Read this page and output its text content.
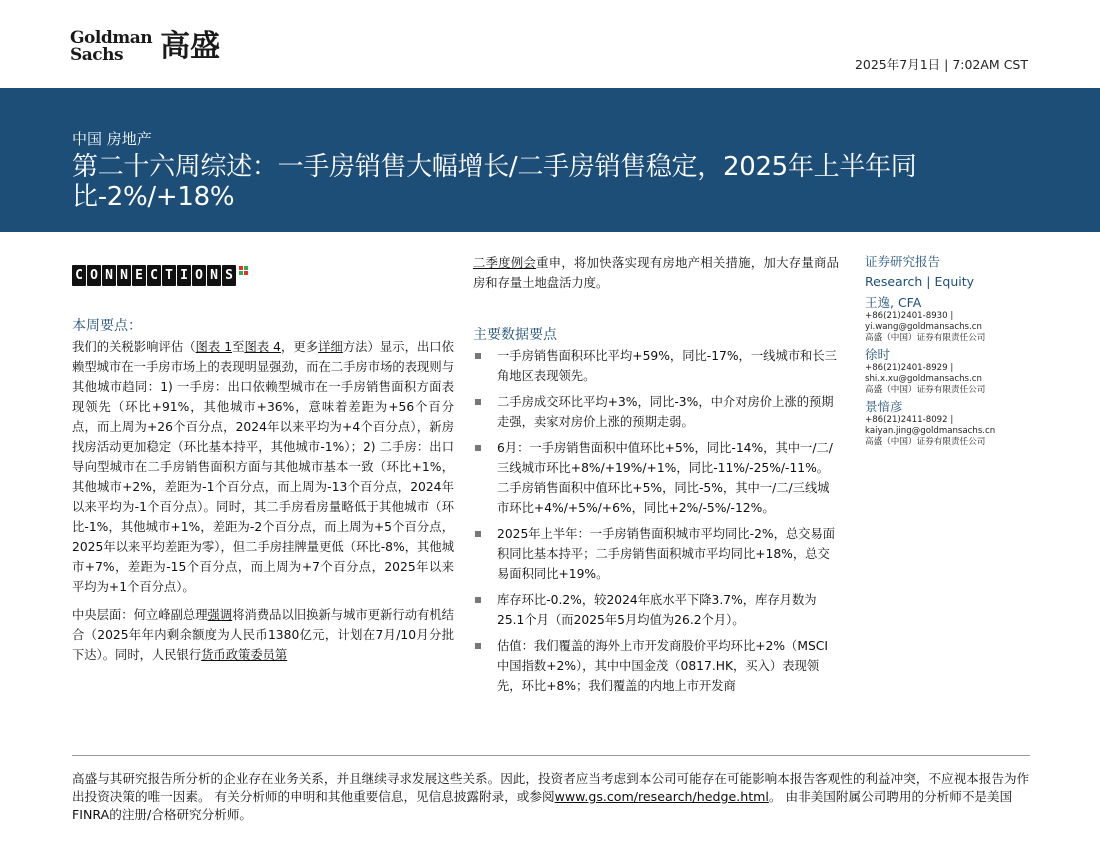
Goldman
Sachs	高盛
2025年7月1日 | 7:02AM CST
中国 房地产
第二十六周综述：一手房销售大幅增长/二手房销售稳定，2025年上半年同比-2%/+18%
C O N N E C T I O N S
本周要点：

我们的关税影响评估（图表 1至图表 4，更多详细方法）显示，出口依赖型城市在一手房市场上的表现明显强劲，而在二手房市场的表现则与其他城市趋同：1) 一手房：出口依赖型城市在一手房销售面积方面表现领先（环比+91%，其他城市+36%，意味着差距为+56个百分点，而上周为+26个百分点，2024年以来平均为+4个百分点），新房找房活动更加稳定（环比基本持平，其他城市-1%）；2) 二手房：出口导向型城市在二手房销售面积方面与其他城市基本一致（环比+1%，其他城市+2%，差距为-1个百分点，而上周为-13个百分点，2024年以来平均为-1个百分点）。同时，其二手房看房量略低于其他城市（环比-1%，其他城市+1%，差距为-2个百分点，而上周为+5个百分点，2025年以来平均差距为零），但二手房挂牌量更低（环比-8%，其他城市+7%，差距为-15个百分点，而上周为+7个百分点，2025年以来平均为+1个百分点）。

中央层面：何立峰副总理强调将消费品以旧换新与城市更新行动有机结合（2025年年内剩余额度为人民币1380亿元，计划在7月/10月分批下达）。同时，人民银行货币政策委员第

二季度例会重申，将加快落实现有房地产相关措施，加大存量商品房和存量土地盘活力度。

主要数据要点
一手房销售面积环比平均+59%，同比-17%，一线城市和长三角地区表现领先。
二手房成交环比平均+3%，同比-3%，中介对房价上涨的预期走强，卖家对房价上涨的预期走弱。
6月：一手房销售面积中值环比+5%，同比-14%，其中一/二/三线城市环比+8%/+19%/+1%，同比-11%/-25%/-11%。二手房销售面积中值环比+5%，同比-5%，其中一/二/三线城市环比+4%/+5%/+6%，同比+2%/-5%/-12%。
2025年上半年：一手房销售面积城市平均同比-2%，总交易面积同比基本持平；二手房销售面积城市平均同比+18%，总交易面积同比+19%。
库存环比-0.2%，较2024年底水平下降3.7%，库存月数为25.1个月（而2025年5月均值为26.2个月）。
估值：我们覆盖的海外上市开发商股价平均环比+2%（MSCI中国指数+2%），其中中国金茂（0817.HK，买入）表现领先，环比+8%；我们覆盖的内地上市开发商
证券研究报告
Research | Equity
王逸, CFA
+86(21)2401-8930 |
yi.wang@goldmansachs.cn
高盛（中国）证券有限责任公司
徐时
+86(21)2401-8929 |
shi.x.xu@goldmansachs.cn
高盛（中国）证券有限责任公司
景愔彦
+86(21)2411-8092 |
kaiyan.jing@goldmansachs.cn
高盛（中国）证券有限责任公司
高盛与其研究报告所分析的企业存在业务关系，并且继续寻求发展这些关系。因此，投资者应当考虑到本公司可能存在可能影响本报告客观性的利益冲突，不应视本报告为作出投资决策的唯一因素。 有关分析师的申明和其他重要信息，见信息披露附录，或参阅www.gs.com/research/hedge.html。 由非美国附属公司聘用的分析师不是美国FINRA的注册/合格研究分析师。
